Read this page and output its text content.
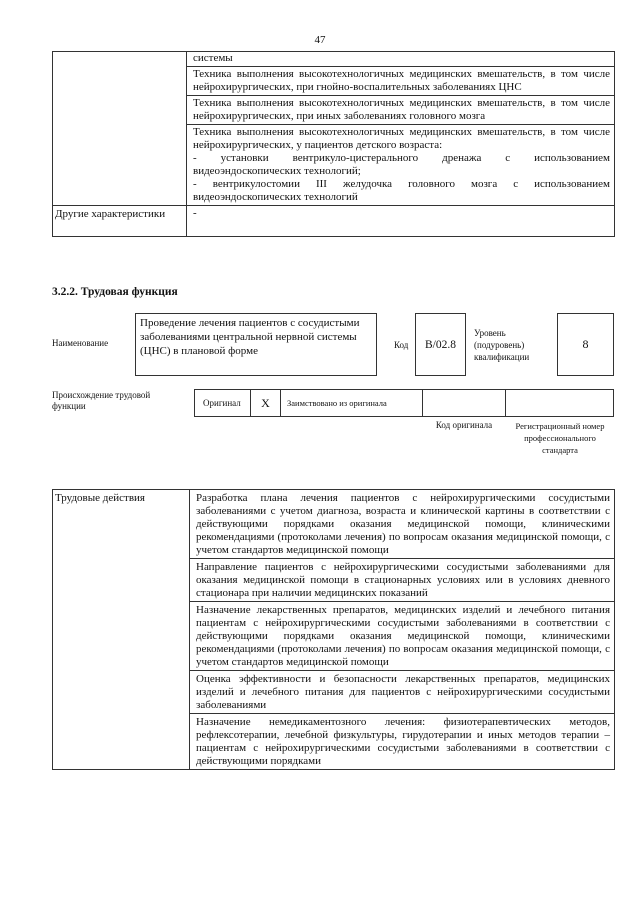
47
	системы
	Техника выполнения высокотехнологичных медицинских вмешательств, в том числе нейрохирургических, при гнойно-воспалительных заболеваниях ЦНС
	Техника выполнения высокотехнологичных медицинских вмешательств, в том числе нейрохирургических, при иных заболеваниях головного мозга

	Техника выполнения высокотехнологичных медицинских вмешательств, в том числе нейрохирургических, у пациентов детского возраста:
- установки вентрикуло-цистерального дренажа с использованием видеоэндоскопических технологий;
- вентрикулостомии III желудочка головного мозга с использованием видеоэндоскопических технологий

Другие характеристики	-
3.2.2. Трудовая функция
Наименование
Проведение лечения пациентов с сосудистыми заболеваниями центральной нервной системы (ЦНС) в плановой форме	Код B/02.8
Уровень (подуровень) квалификации
8
Происхождение трудовой функции	Оригинал X Заимствовано из оригинала
Код оригинала	Регистрационный номер профессионального стандарта
Трудовые действия	Разработка плана лечения пациентов с нейрохирургическими сосудистыми заболеваниями с учетом диагноза, возраста и клинической картины в соответствии с действующими порядками оказания медицинской помощи, клиническими рекомендациями (протоколами лечения) по вопросам оказания медицинской помощи, с учетом стандартов медицинской помощи
Направление пациентов с нейрохирургическими сосудистыми заболеваниями для оказания медицинской помощи в стационарных условиях или в условиях дневного стационара при наличии медицинских показаний
Назначение лекарственных препаратов, медицинских изделий и лечебного питания пациентам с нейрохирургическими сосудистыми заболеваниями в соответствии с действующими порядками оказания медицинской помощи, клиническими рекомендациями (протоколами лечения) по вопросам оказания медицинской помощи, с учетом стандартов медицинской помощи
Оценка эффективности и безопасности лекарственных препаратов, медицинских изделий и лечебного питания для пациентов с нейрохирургическими сосудистыми заболеваниями
Назначение немедикаментозного лечения: физиотерапевтических методов, рефлексотерапии, лечебной физкультуры, гирудотерапии и иных методов терапии – пациентам с нейрохирургическими сосудистыми заболеваниями в соответствии с действующими порядками
